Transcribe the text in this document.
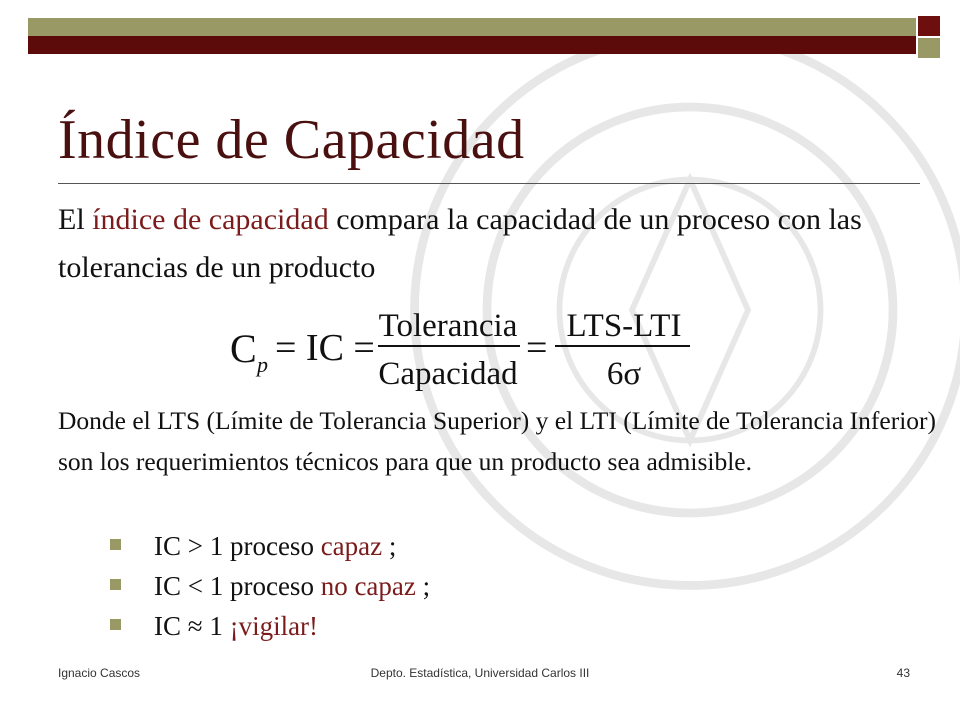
Índice de Capacidad
El índice de capacidad compara la capacidad de un proceso con las tolerancias de un producto
C p = IC =
Tolerancia
Capacidad
=
LTS-LTI
6σ
Donde el LTS (Límite de Tolerancia Superior) y el LTI (Límite de Tolerancia Inferior) son los requerimientos técnicos para que un producto sea admisible.
IC > 1 proceso capaz ;
IC < 1 proceso no capaz ;
IC ≈ 1 ¡vigilar!
Ignacio Cascos	Depto. Estadística, Universidad Carlos III	43
